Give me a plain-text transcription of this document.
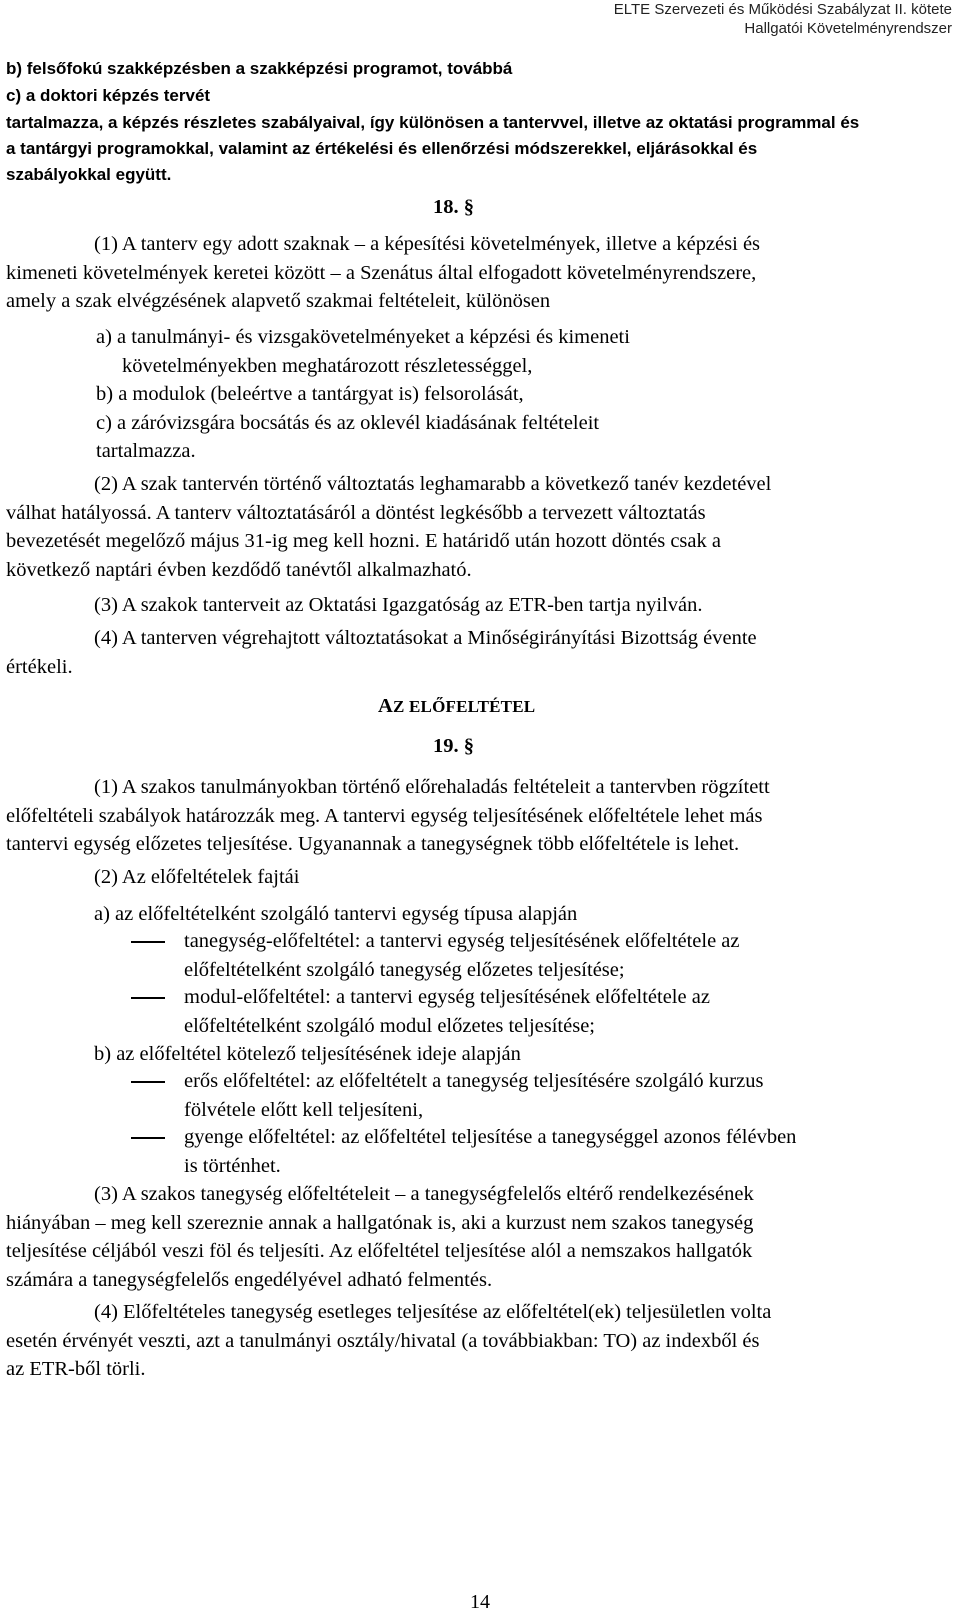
ELTE Szervezeti és Működési Szabályzat II. kötete
Hallgatói Követelményrendszer
b) felsőfokú szakképzésben a szakképzési programot, továbbá
c) a doktori képzés tervét
tartalmazza, a képzés részletes szabályaival, így különösen a tantervvel, illetve az oktatási programmal és
a tantárgyi programokkal, valamint az értékelési és ellenőrzési módszerekkel, eljárásokkal és
szabályokkal együtt.
18. §
(1) A tanterv egy adott szaknak – a képesítési követelmények, illetve a képzési és
kimeneti követelmények keretei között – a Szenátus által elfogadott követelményrendszere,
amely a szak elvégzésének alapvető szakmai feltételeit, különösen
a) a tanulmányi- és vizsgakövetelményeket a képzési és kimeneti
követelményekben meghatározott részletességgel,
b) a modulok (beleértve a tantárgyat is) felsorolását,
c) a záróvizsgára bocsátás és az oklevél kiadásának feltételeit
tartalmazza.
(2) A szak tantervén történő változtatás leghamarabb a következő tanév kezdetével
válhat hatályossá. A tanterv változtatásáról a döntést legkésőbb a tervezett változtatás
bevezetését megelőző május 31-ig meg kell hozni. E határidő után hozott döntés csak a
következő naptári évben kezdődő tanévtől alkalmazható.
(3) A szakok tanterveit az Oktatási Igazgatóság az ETR-ben tartja nyilván.
(4) A tanterven végrehajtott változtatásokat a Minőségirányítási Bizottság évente
értékeli.
AZ ELŐFELTÉTEL
19. §
(1) A szakos tanulmányokban történő előrehaladás feltételeit a tantervben rögzített
előfeltételi szabályok határozzák meg. A tantervi egység teljesítésének előfeltétele lehet más
tantervi egység előzetes teljesítése. Ugyanannak a tanegységnek több előfeltétele is lehet.
(2) Az előfeltételek fajtái
a) az előfeltételként szolgáló tantervi egység típusa alapján
tanegység-előfeltétel: a tantervi egység teljesítésének előfeltétele az
előfeltételként szolgáló tanegység előzetes teljesítése;
modul-előfeltétel: a tantervi egység teljesítésének előfeltétele az
előfeltételként szolgáló modul előzetes teljesítése;
b) az előfeltétel kötelező teljesítésének ideje alapján
erős előfeltétel: az előfeltételt a tanegység teljesítésére szolgáló kurzus
fölvétele előtt kell teljesíteni,
gyenge előfeltétel: az előfeltétel teljesítése a tanegységgel azonos félévben
is történhet.
(3) A szakos tanegység előfeltételeit – a tanegységfelelős eltérő rendelkezésének
hiányában – meg kell szereznie annak a hallgatónak is, aki a kurzust nem szakos tanegység
teljesítése céljából veszi föl és teljesíti. Az előfeltétel teljesítése alól a nemszakos hallgatók
számára a tanegységfelelős engedélyével adható felmentés.
(4) Előfeltételes tanegység esetleges teljesítése az előfeltétel(ek) teljesületlen volta
esetén érvényét veszti, azt a tanulmányi osztály/hivatal (a továbbiakban: TO) az indexből és
az ETR-ből törli.
14
